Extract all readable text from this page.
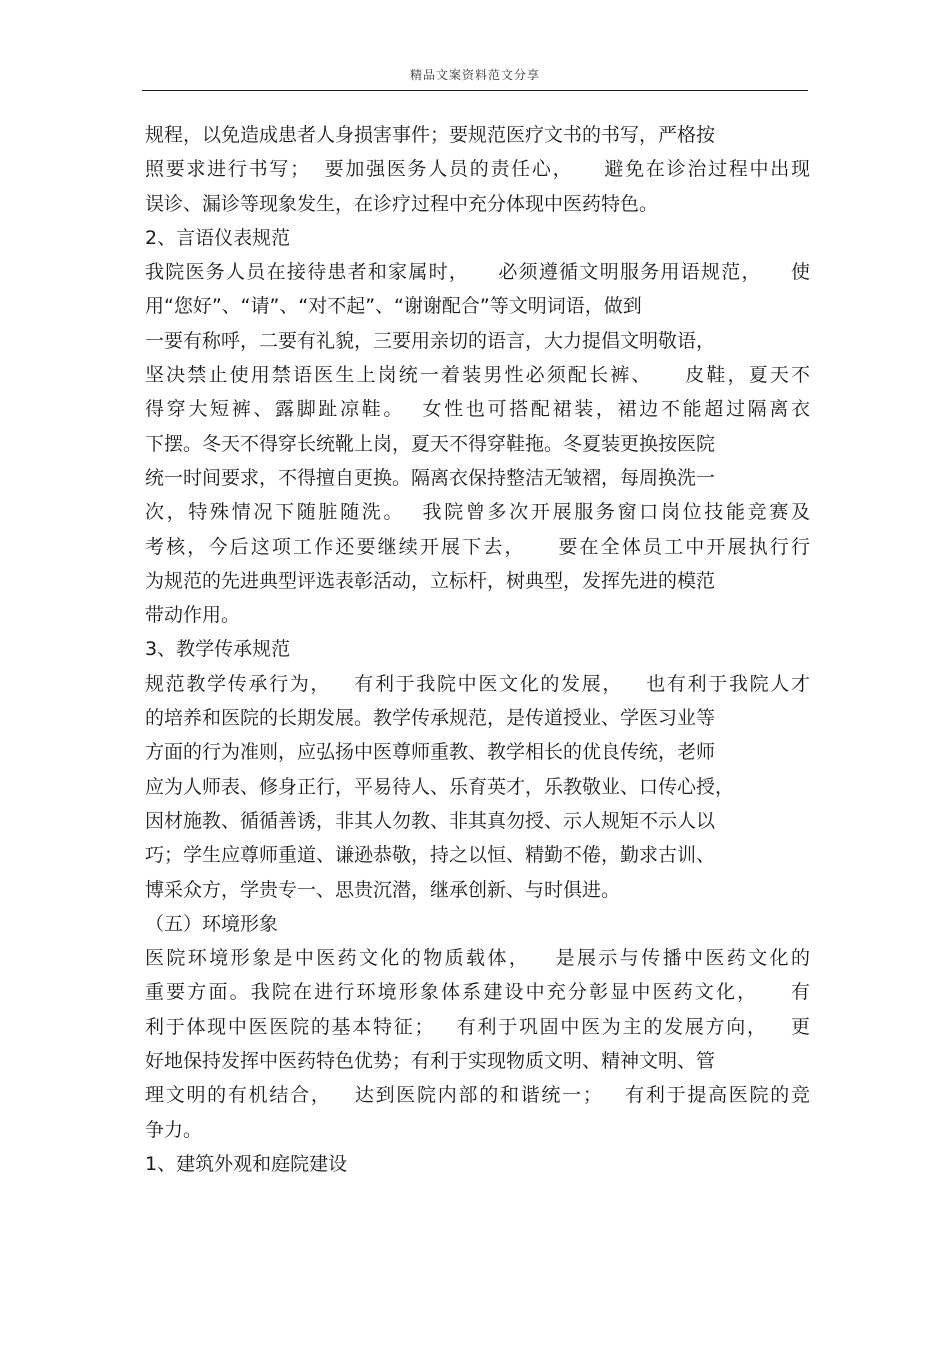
精品文案资料范文分享
规程，以免造成患者人身损害事件；要规范医疗文书的书写，严格按
照要求进行书写；  要加强医务人员的责任心，    避免在诊治过程中出现
误诊、漏诊等现象发生，在诊疗过程中充分体现中医药特色。
2、言语仪表规范
我院医务人员在接待患者和家属时，    必须遵循文明服务用语规范，    使
用“您好”、“请”、“对不起”、“谢谢配合”等文明词语，做到
一要有称呼，二要有礼貌，三要用亲切的语言，大力提倡文明敬语，
坚决禁止使用禁语医生上岗统一着装男性必须配长裤、    皮鞋，夏天不
得穿大短裤、露脚趾凉鞋。  女性也可搭配裙装，裙边不能超过隔离衣
下摆。冬天不得穿长统靴上岗，夏天不得穿鞋拖。冬夏装更换按医院
统一时间要求，不得擅自更换。隔离衣保持整洁无皱褶，每周换洗一
次，特殊情况下随脏随洗。  我院曾多次开展服务窗口岗位技能竞赛及
考核，今后这项工作还要继续开展下去，    要在全体员工中开展执行行
为规范的先进典型评选表彰活动，立标杆，树典型，发挥先进的模范
带动作用。
3、教学传承规范
规范教学传承行为，   有利于我院中医文化的发展，   也有利于我院人才
的培养和医院的长期发展。教学传承规范，是传道授业、学医习业等
方面的行为准则，应弘扬中医尊师重教、教学相长的优良传统，老师
应为人师表、修身正行，平易待人、乐育英才，乐教敬业、口传心授，
因材施教、循循善诱，非其人勿教、非其真勿授、示人规矩不示人以
巧；学生应尊师重道、谦逊恭敬，持之以恒、精勤不倦，勤求古训、
博采众方，学贵专一、思贵沉潜，继承创新、与时俱进。
（五）环境形象
医院环境形象是中医药文化的物质载体，   是展示与传播中医药文化的
重要方面。我院在进行环境形象体系建设中充分彰显中医药文化，    有
利于体现中医医院的基本特征；   有利于巩固中医为主的发展方向，   更
好地保持发挥中医药特色优势；有利于实现物质文明、精神文明、管
理文明的有机结合，   达到医院内部的和谐统一；   有利于提高医院的竞
争力。
1、建筑外观和庭院建设
